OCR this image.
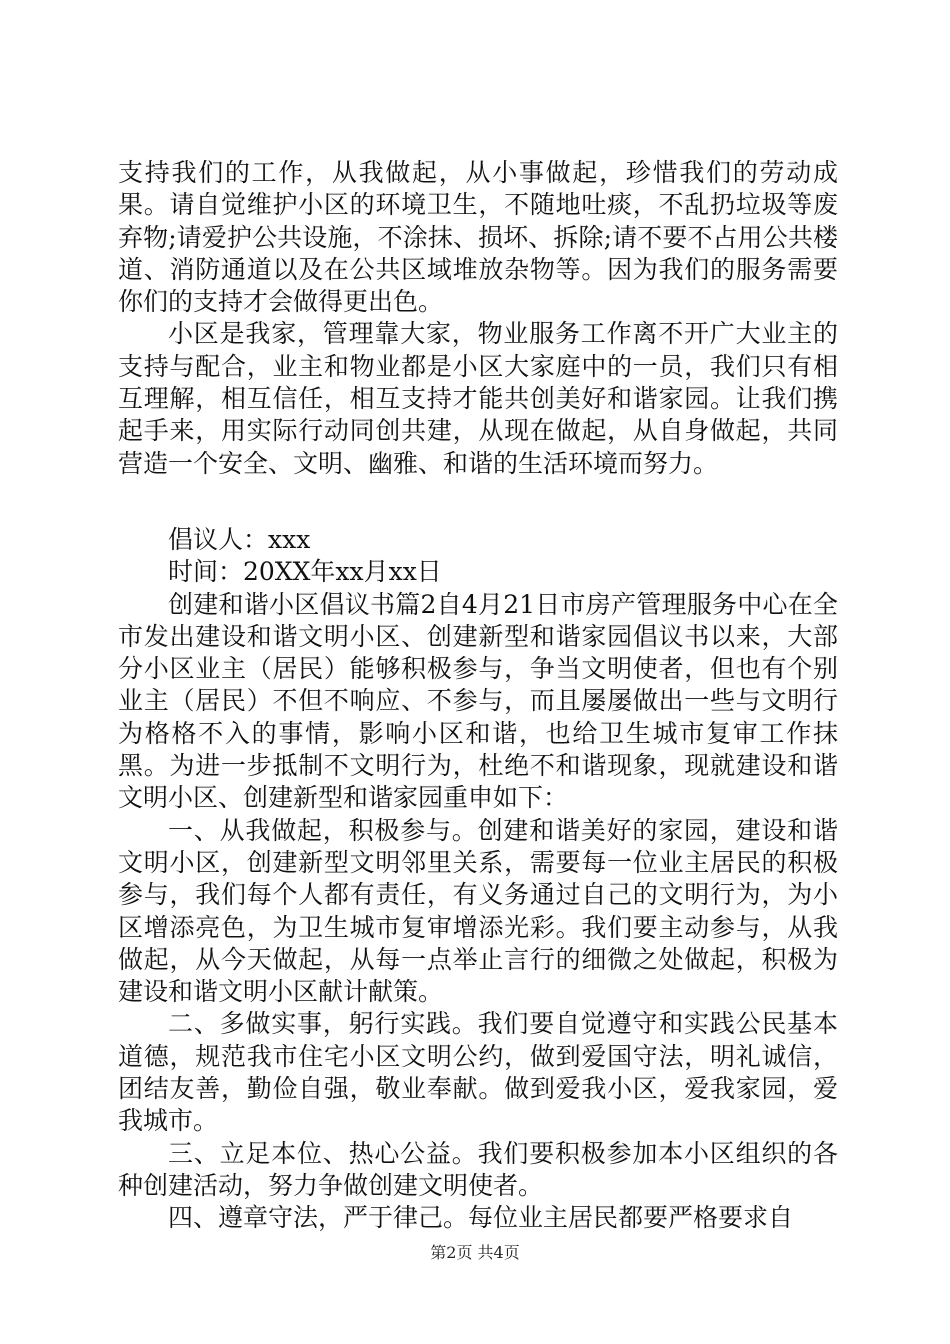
支持我们的工作，从我做起，从小事做起，珍惜我们的劳动成果。请自觉维护小区的环境卫生，不随地吐痰，不乱扔垃圾等废弃物;请爱护公共设施，不涂抹、损坏、拆除;请不要不占用公共楼道、消防通道以及在公共区域堆放杂物等。因为我们的服务需要你们的支持才会做得更出色。

小区是我家，管理靠大家，物业服务工作离不开广大业主的支持与配合，业主和物业都是小区大家庭中的一员，我们只有相互理解，相互信任，相互支持才能共创美好和谐家园。让我们携起手来，用实际行动同创共建，从现在做起，从自身做起，共同营造一个安全、文明、幽雅、和谐的生活环境而努力。

倡议人：xxx

时间：20XX年xx月xx日

创建和谐小区倡议书篇2自4月21日市房产管理服务中心在全市发出建设和谐文明小区、创建新型和谐家园倡议书以来，大部分小区业主（居民）能够积极参与，争当文明使者，但也有个别业主（居民）不但不响应、不参与，而且屡屡做出一些与文明行为格格不入的事情，影响小区和谐，也给卫生城市复审工作抹黑。为进一步抵制不文明行为，杜绝不和谐现象，现就建设和谐文明小区、创建新型和谐家园重申如下：

一、从我做起，积极参与。创建和谐美好的家园，建设和谐文明小区，创建新型文明邻里关系，需要每一位业主居民的积极参与，我们每个人都有责任，有义务通过自己的文明行为，为小区增添亮色，为卫生城市复审增添光彩。我们要主动参与，从我做起，从今天做起，从每一点举止言行的细微之处做起，积极为建设和谐文明小区献计献策。

二、多做实事，躬行实践。我们要自觉遵守和实践公民基本道德，规范我市住宅小区文明公约，做到爱国守法，明礼诚信，团结友善，勤俭自强，敬业奉献。做到爱我小区，爱我家园，爱我城市。

三、立足本位、热心公益。我们要积极参加本小区组织的各种创建活动，努力争做创建文明使者。

四、遵章守法，严于律己。每位业主居民都要严格要求自

第2页 共4页
